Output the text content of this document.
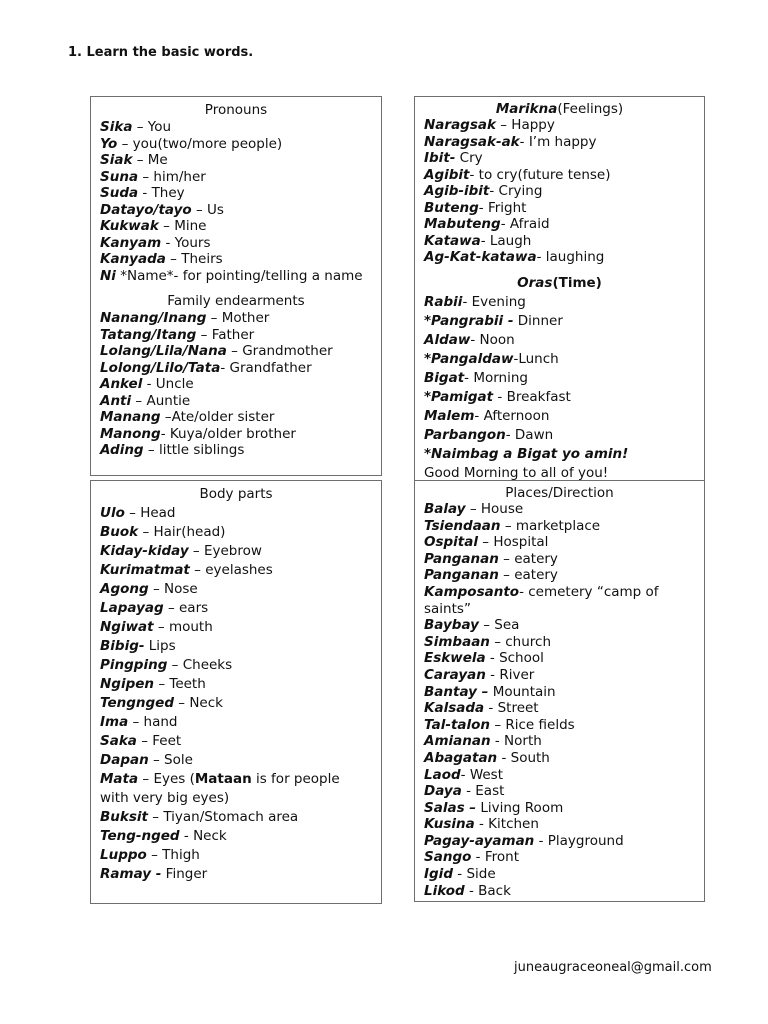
1. Learn the basic words.
Pronouns
Sika – You
Yo – you(two/more people)
Siak – Me
Suna – him/her
Suda - They
Datayo/tayo – Us
Kukwak – Mine
Kanyam - Yours
Kanyada – Theirs
Ni *Name*- for pointing/telling a name
Family endearments
Nanang/Inang – Mother
Tatang/Itang – Father
Lolang/Lila/Nana – Grandmother
Lolong/Lilo/Tata- Grandfather
Ankel - Uncle
Anti – Auntie
Manang –Ate/older sister
Manong- Kuya/older brother
Ading – little siblings
Marikna(Feelings)
Naragsak – Happy
Naragsak-ak- I’m happy
Ibit- Cry
Agibit- to cry(future tense)
Agib-ibit- Crying
Buteng- Fright
Mabuteng- Afraid
Katawa- Laugh
Ag-Kat-katawa- laughing
Oras(Time)
Rabii- Evening
*Pangrabii - Dinner
Aldaw- Noon
*Pangaldaw-Lunch
Bigat- Morning
*Pamigat - Breakfast
Malem- Afternoon
Parbangon- Dawn
*Naimbag a Bigat yo amin!
Good Morning to all of you!
Body parts
Ulo – Head
Buok – Hair(head)
Kiday-kiday – Eyebrow
Kurimatmat – eyelashes
Agong – Nose
Lapayag – ears
Ngiwat – mouth
Bibig- Lips
Pingping – Cheeks
Ngipen – Teeth
Tengnged – Neck
Ima – hand
Saka – Feet
Dapan – Sole
Mata – Eyes (Mataan is for people with very big eyes)
Buksit – Tiyan/Stomach area
Teng-nged - Neck
Luppo – Thigh
Ramay - Finger
Places/Direction
Balay – House
Tsiendaan – marketplace
Ospital – Hospital
Panganan – eatery
Panganan – eatery
Kamposanto- cemetery “camp of saints”
Baybay – Sea
Simbaan – church
Eskwela - School
Carayan - River
Bantay – Mountain
Kalsada - Street
Tal-talon – Rice fields
Amianan - North
Abagatan - South
Laod- West
Daya - East
Salas – Living Room
Kusina - Kitchen
Pagay-ayaman - Playground
Sango - Front
Igid - Side
Likod - Back
juneaugraceoneal@gmail.com
